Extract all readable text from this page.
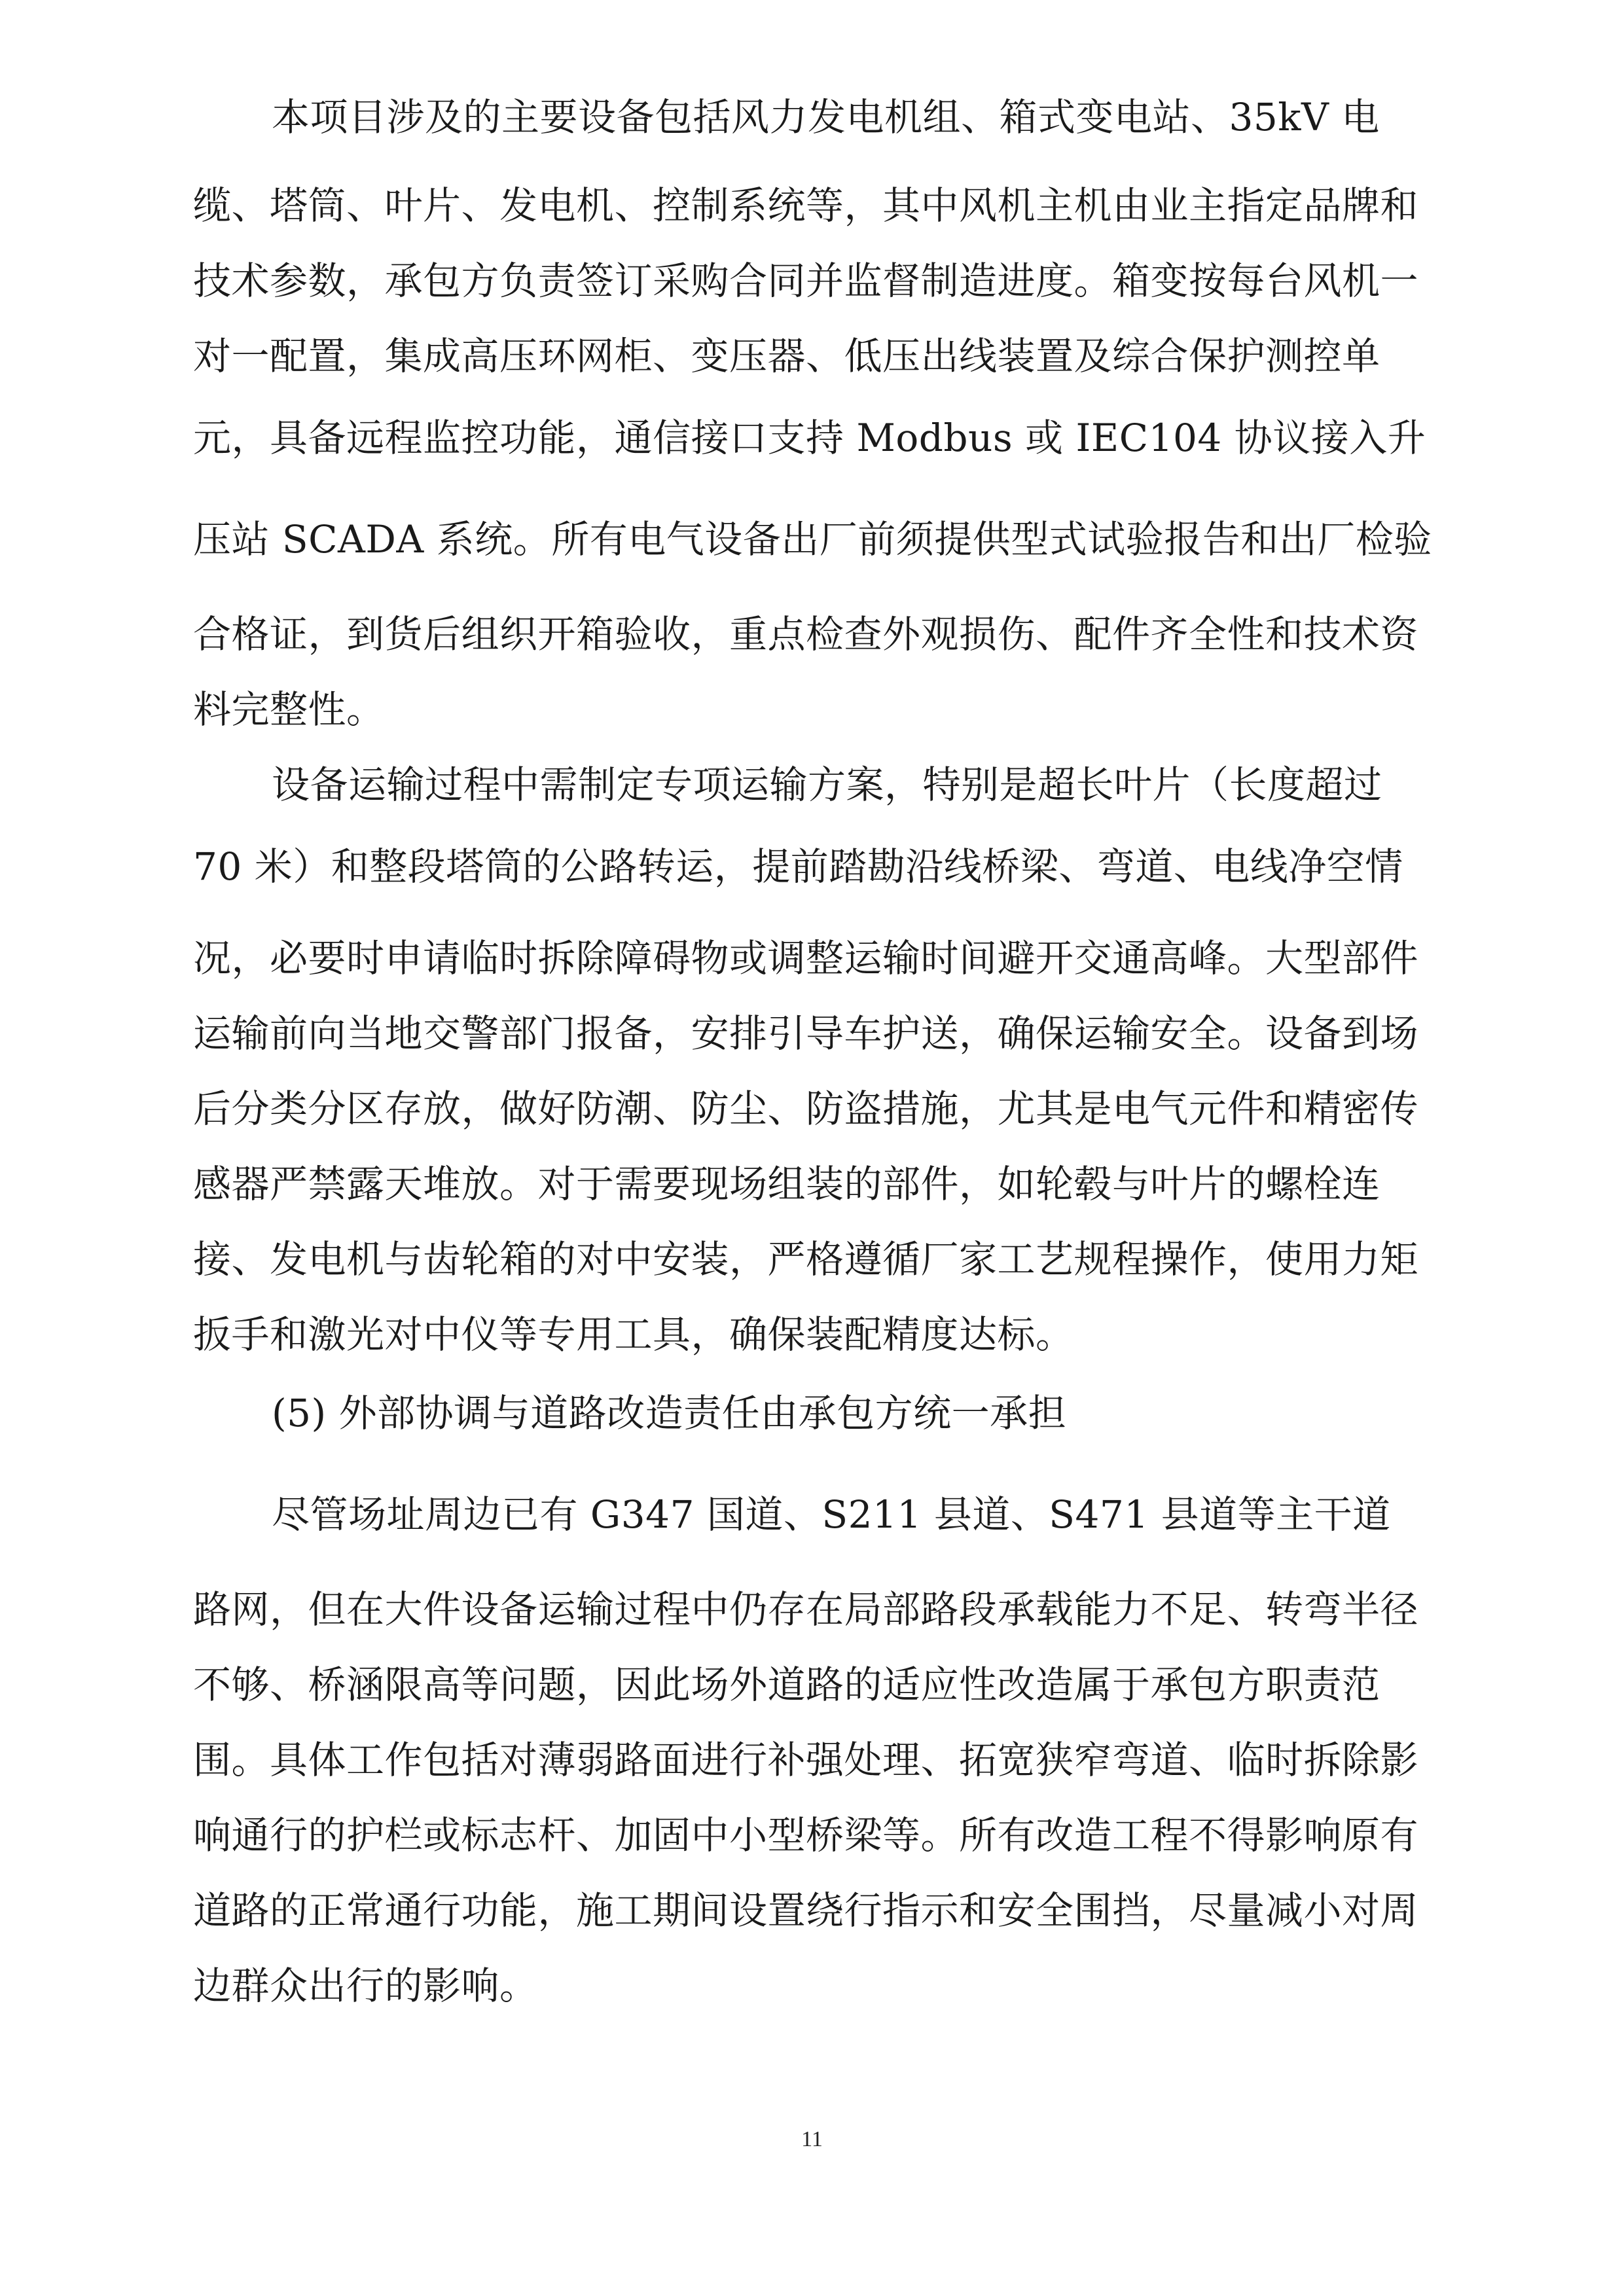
本项目涉及的主要设备包括风力发电机组、箱式变电站、35kV 电
缆、塔筒、叶片、发电机、控制系统等，其中风机主机由业主指定品牌和
技术参数，承包方负责签订采购合同并监督制造进度。箱变按每台风机一
对一配置，集成高压环网柜、变压器、低压出线装置及综合保护测控单
元，具备远程监控功能，通信接口支持 Modbus 或 IEC104 协议接入升
压站 SCADA 系统。所有电气设备出厂前须提供型式试验报告和出厂检验
合格证，到货后组织开箱验收，重点检查外观损伤、配件齐全性和技术资
料完整性。
设备运输过程中需制定专项运输方案，特别是超长叶片（长度超过
70 米）和整段塔筒的公路转运，提前踏勘沿线桥梁、弯道、电线净空情
况，必要时申请临时拆除障碍物或调整运输时间避开交通高峰。大型部件
运输前向当地交警部门报备，安排引导车护送，确保运输安全。设备到场
后分类分区存放，做好防潮、防尘、防盗措施，尤其是电气元件和精密传
感器严禁露天堆放。对于需要现场组装的部件，如轮毂与叶片的螺栓连
接、发电机与齿轮箱的对中安装，严格遵循厂家工艺规程操作，使用力矩
扳手和激光对中仪等专用工具，确保装配精度达标。
(5) 外部协调与道路改造责任由承包方统一承担
尽管场址周边已有 G347 国道、S211 县道、S471 县道等主干道
路网，但在大件设备运输过程中仍存在局部路段承载能力不足、转弯半径
不够、桥涵限高等问题，因此场外道路的适应性改造属于承包方职责范
围。具体工作包括对薄弱路面进行补强处理、拓宽狭窄弯道、临时拆除影
响通行的护栏或标志杆、加固中小型桥梁等。所有改造工程不得影响原有
道路的正常通行功能，施工期间设置绕行指示和安全围挡，尽量减小对周
边群众出行的影响。
11
